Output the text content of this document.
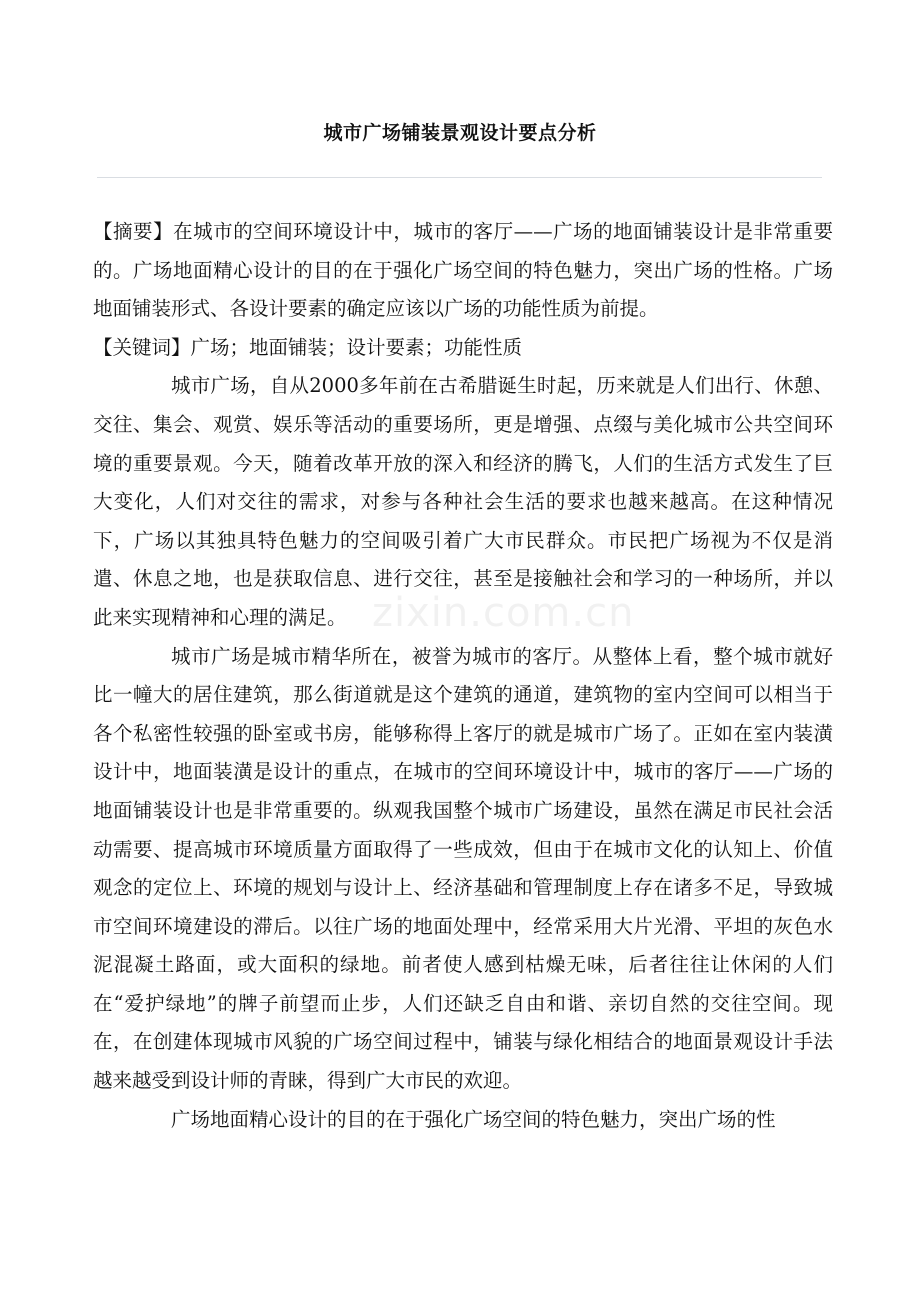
城市广场铺装景观设计要点分析

【摘要】在城市的空间环境设计中，城市的客厅——广场的地面铺装设计是非常重要的。广场地面精心设计的目的在于强化广场空间的特色魅力，突出广场的性格。广场地面铺装形式、各设计要素的确定应该以广场的功能性质为前提。

【关键词】广场；地面铺装；设计要素；功能性质

城市广场，自从2000多年前在古希腊诞生时起，历来就是人们出行、休憩、交往、集会、观赏、娱乐等活动的重要场所，更是增强、点缀与美化城市公共空间环境的重要景观。今天，随着改革开放的深入和经济的腾飞，人们的生活方式发生了巨大变化，人们对交往的需求，对参与各种社会生活的要求也越来越高。在这种情况下，广场以其独具特色魅力的空间吸引着广大市民群众。市民把广场视为不仅是消遣、休息之地，也是获取信息、进行交往，甚至是接触社会和学习的一种场所，并以此来实现精神和心理的满足。

城市广场是城市精华所在，被誉为城市的客厅。从整体上看，整个城市就好比一幢大的居住建筑，那么街道就是这个建筑的通道，建筑物的室内空间可以相当于各个私密性较强的卧室或书房，能够称得上客厅的就是城市广场了。正如在室内装潢设计中，地面装潢是设计的重点，在城市的空间环境设计中，城市的客厅——广场的地面铺装设计也是非常重要的。纵观我国整个城市广场建设，虽然在满足市民社会活动需要、提高城市环境质量方面取得了一些成效，但由于在城市文化的认知上、价值观念的定位上、环境的规划与设计上、经济基础和管理制度上存在诸多不足，导致城市空间环境建设的滞后。以往广场的地面处理中，经常采用大片光滑、平坦的灰色水泥混凝土路面，或大面积的绿地。前者使人感到枯燥无味，后者往往让休闲的人们在“爱护绿地”的牌子前望而止步，人们还缺乏自由和谐、亲切自然的交往空间。现在，在创建体现城市风貌的广场空间过程中，铺装与绿化相结合的地面景观设计手法越来越受到设计师的青睐，得到广大市民的欢迎。

广场地面精心设计的目的在于强化广场空间的特色魅力，突出广场的性

zixin.com.cn
